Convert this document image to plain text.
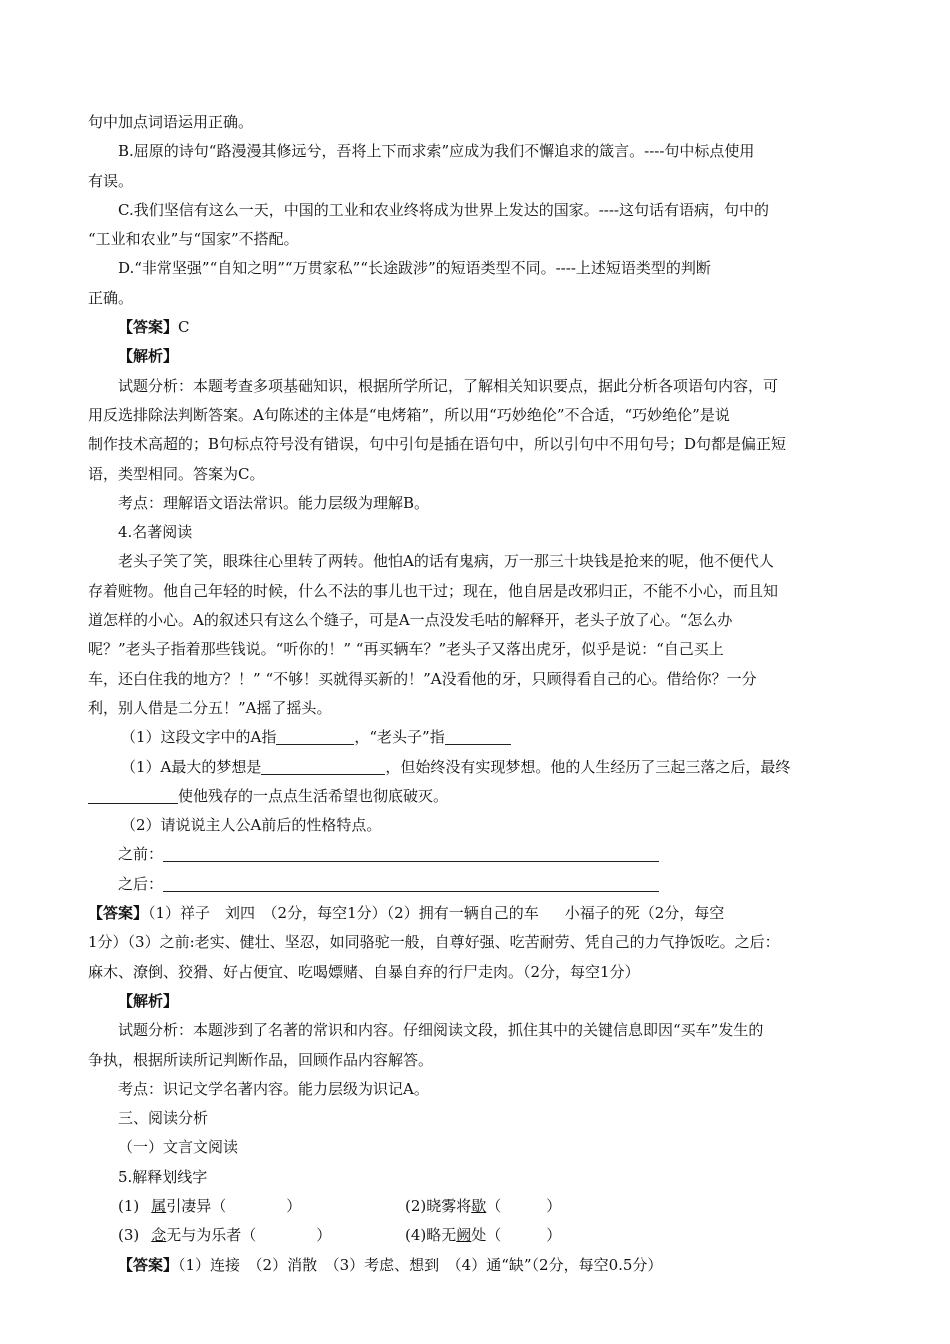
句中加点词语运用正确。
B.屈原的诗句“路漫漫其修远兮，吾将上下而求索”应成为我们不懈追求的箴言。----句中标点使用
有误。
C.我们坚信有这么一天，中国的工业和农业终将成为世界上发达的国家。----这句话有语病，句中的
“工业和农业”与“国家”不搭配。
D.“非常坚强”“自知之明”“万贯家私”“长途跋涉”的短语类型不同。----上述短语类型的判断
正确。
【答案】C
【解析】
试题分析：本题考查多项基础知识，根据所学所记，了解相关知识要点，据此分析各项语句内容，可
用反选排除法判断答案。A句陈述的主体是“电烤箱”，所以用“巧妙绝伦”不合适，“巧妙绝伦”是说
制作技术高超的；B句标点符号没有错误，句中引句是插在语句中，所以引句中不用句号；D句都是偏正短
语，类型相同。答案为C。
考点：理解语文语法常识。能力层级为理解B。
4.名著阅读
老头子笑了笑，眼珠往心里转了两转。他怕A的话有鬼病，万一那三十块钱是抢来的呢，他不便代人
存着赃物。他自己年轻的时候，什么不法的事儿也干过；现在，他自居是改邪归正，不能不小心，而且知
道怎样的小心。A的叙述只有这么个缝子，可是A一点没发毛咕的解释开，老头子放了心。“怎么办
呢？”老头子指着那些钱说。“听你的！” “再买辆车？”老头子又落出虎牙，似乎是说：“自己买上
车，还白住我的地方？！” “不够！买就得买新的！”A没看他的牙，只顾得看自己的心。借给你？一分
利，别人借是二分五！”A摇了摇头。
（1）这段文字中的A指	，“老头子”指
（1）A最大的梦想是	，但始终没有实现梦想。他的人生经历了三起三落之后，最终
使他残存的一点点生活希望也彻底破灭。
（2）请说说主人公A前后的性格特点。
之前：
之后：
【答案】（1）祥子　刘四　（2分，每空1分）（2）拥有一辆自己的车 小福子的死（2分，每空
1分）（3）之前:老实、健壮、坚忍，如同骆驼一般，自尊好强、吃苦耐劳、凭自己的力气挣饭吃。之后：
麻木、潦倒、狡猾、好占便宜、吃喝嫖赌、自暴自弃的行尸走肉。（2分，每空1分）
【解析】
试题分析：本题涉到了名著的常识和内容。仔细阅读文段，抓住其中的关键信息即因“买车”发生的
争执，根据所读所记判断作品，回顾作品内容解答。
考点：识记文学名著内容。能力层级为识记A。
三、阅读分析
（一）文言文阅读
5.解释划线字
(1) 属引凄异（　　　　）	(2)晓雾将歇（　　　）
(3) 念无与为乐者（　　　　）	(4)略无阙处（　　　）
【答案】（1）连接　（2）消散　（3）考虑、想到　（4）通“缺”（2分，每空0.5分）
